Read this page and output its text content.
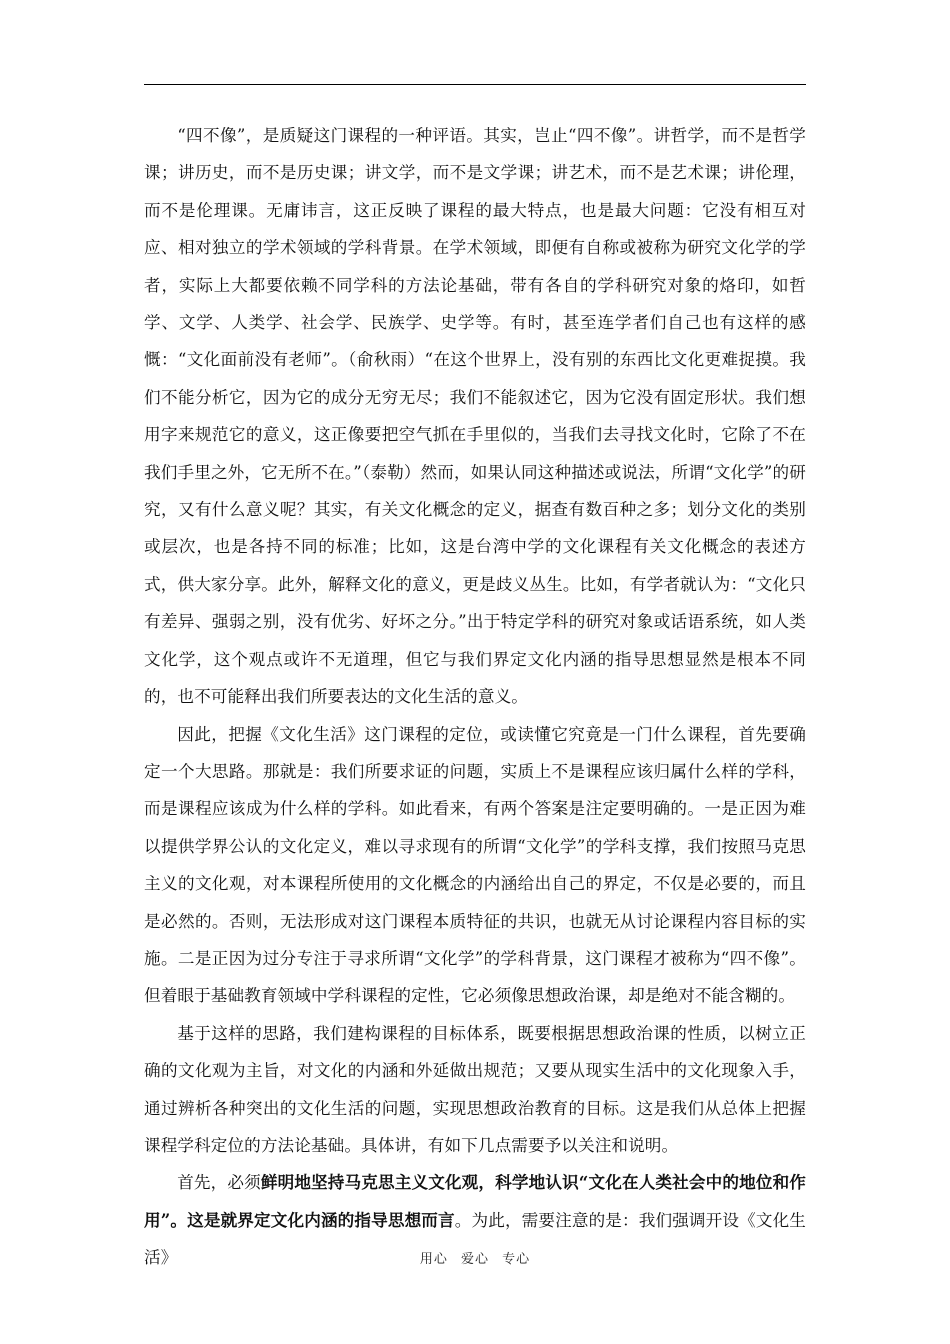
“四不像”，是质疑这门课程的一种评语。其实，岂止“四不像”。讲哲学，而不是哲学课；讲历史，而不是历史课；讲文学，而不是文学课；讲艺术，而不是艺术课；讲伦理，而不是伦理课。无庸讳言，这正反映了课程的最大特点，也是最大问题：它没有相互对应、相对独立的学术领域的学科背景。在学术领域，即便有自称或被称为研究文化学的学者，实际上大都要依赖不同学科的方法论基础，带有各自的学科研究对象的烙印，如哲学、文学、人类学、社会学、民族学、史学等。有时，甚至连学者们自己也有这样的感慨：“文化面前没有老师”。（俞秋雨）“在这个世界上，没有别的东西比文化更难捉摸。我们不能分析它，因为它的成分无穷无尽；我们不能叙述它，因为它没有固定形状。我们想用字来规范它的意义，这正像要把空气抓在手里似的，当我们去寻找文化时，它除了不在我们手里之外，它无所不在。”（泰勒）然而，如果认同这种描述或说法，所谓“文化学”的研究，又有什么意义呢？其实，有关文化概念的定义，据查有数百种之多；划分文化的类别或层次，也是各持不同的标准；比如，这是台湾中学的文化课程有关文化概念的表述方式，供大家分享。此外，解释文化的意义，更是歧义丛生。比如，有学者就认为：“文化只有差异、强弱之别，没有优劣、好坏之分。”出于特定学科的研究对象或话语系统，如人类文化学，这个观点或许不无道理，但它与我们界定文化内涵的指导思想显然是根本不同的，也不可能释出我们所要表达的文化生活的意义。

因此，把握《文化生活》这门课程的定位，或读懂它究竟是一门什么课程，首先要确定一个大思路。那就是：我们所要求证的问题，实质上不是课程应该归属什么样的学科，而是课程应该成为什么样的学科。如此看来，有两个答案是注定要明确的。一是正因为难以提供学界公认的文化定义，难以寻求现有的所谓“文化学”的学科支撑，我们按照马克思主义的文化观，对本课程所使用的文化概念的内涵给出自己的界定，不仅是必要的，而且是必然的。否则，无法形成对这门课程本质特征的共识，也就无从讨论课程内容目标的实施。二是正因为过分专注于寻求所谓“文化学”的学科背景，这门课程才被称为“四不像”。但着眼于基础教育领域中学科课程的定性，它必须像思想政治课，却是绝对不能含糊的。

基于这样的思路，我们建构课程的目标体系，既要根据思想政治课的性质，以树立正确的文化观为主旨，对文化的内涵和外延做出规范；又要从现实生活中的文化现象入手，通过辨析各种突出的文化生活的问题，实现思想政治教育的目标。这是我们从总体上把握课程学科定位的方法论基础。具体讲，有如下几点需要予以关注和说明。

首先，必须鲜明地坚持马克思主义文化观，科学地认识“文化在人类社会中的地位和作用”。这是就界定文化内涵的指导思想而言。为此，需要注意的是：我们强调开设《文化生活》	用心 爱心 专心
